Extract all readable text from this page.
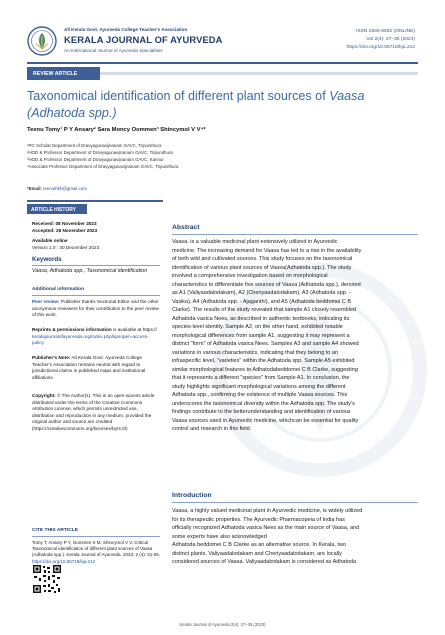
All Kerala Govt. Ayurveda College Teacher's Association
KERALA JOURNAL OF AYURVEDA
An International Journal of Ayurveda Specialities
ISSN 2583-6552 (ONLINE)
Vol 2(4): 27–35 (2023)
https://doi.org/10.55718/kja.212
REVIEW ARTICLE
Taxonomical identification of different plant sources of Vaasa
(Adhatoda spp.)
Teenu Tomy¹ P Y Ansary² Sara Moncy Oommen³ Shincymol V V⁴*
¹PG Scholar Department of Dravyagunavijnanam GAVC, Tripunithura
²HOD & Professor Department of Dravyagunavijnanam GAVC, Tripunithura
³HOD & Professor Department of Dravyagunavijnanam GAVC, Kannur
⁴Associate Professor Department of Dravyagunavijnanam GAVC, Tripunithura
*Email: teenuthkh@gmail.com
ARTICLE HISTORY
Received: 08 November 2023
Accepted: 26 November 2023
Available online
Version 1.0 : 30 December 2023
Keywords
Vaasa, Adhatoda spp., Taxonomical identification
Additional information
Peer review: Publisher thanks Sectional Editor and the other anonymous reviewers for their contribution to the peer review of this work.
Reprints & permissions information is available at https:// keralajournalofayurveda.org/index.php/kja/open-access-policy
Publisher's Note: All Kerala Govt. Ayurveda College Teacher's Association remains neutral with regard to jurisdictional claims in published maps and institutional affiliations.
Copyright: © The Author(s). This is an open-access article distributed under the terms of the Creative Commons Attribution License, which permits unrestricted use, distribution and reproduction in any medium, provided the original author and source are credited (https://creativecommons.org/licenses/by/4.0/)
CITE THIS ARTICLE
Tomy T, Ansary P Y, Oommen S M, Shincymol V V. Critical Taxonomical identification of different plant sources of Vaasa (Adhatoda spp.). Kerala Journal of Ayurveda. 2023; 2 (4): 01-05. https://doi.org/10.55718/kja.212
Abstract
Vaasa, is a valuable medicinal plant extensively utilized in Ayurvedic
medicine. The increasing demand for Vaasa has led to a rise in the availability
of both wild and cultivated sources. This study focuses on the taxonomical
identification of various plant sources of Vaasa(Adhatoda spp.). The study
involved a comprehensive investigation based on morphological
characteristics to differentiate five sources of Vaasa (Adhatoda spp.), denoted
as A1 (Valiyaadalodakam), A2 (Cheriyaadalodakam), A3 (Adhatoda spp. -
Vasika), A4 (Adhatoda spp. - Ajaganthi), and A5 (Adhatoda beddomei C B
Clarke). The results of the study revealed that sample A1 closely resembled
Adhatoda vasica Nees, as described in authentic textbooks, indicating its
species-level identity. Sample A2, on the other hand, exhibited notable
morphological differences from sample A1, suggesting it may represent a
distinct "form" of Adhatoda vasica Nees. Samples A3 and sample A4 showed
variations in various characteristics, indicating that they belong to an
infraspecific level, "varieties" within the Adhatoda spp. Sample A5 exhibited
similar morphological features to Adhatodabeddomei C B Clarke, suggesting
that it represents a different "species" from Sample A1. In conclusion, the
study highlights significant morphological variations among the different
Adhatoda spp., confirming the existence of multiple Vaasa sources. This
underscores the taxonomical diversity within the Adhatoda spp. The study's
findings contribute to the betterunderstanding and identification of various
Vaasa sources used in Ayurvedic medicine, whichcan be essential for quality
control and research in this field.
Introduction
Vaasa, a highly valued medicinal plant in Ayurvedic medicine, is widely utilized
for its therapeutic properties. The Ayurvedic Pharmacopeia of India has
officially recognized Adhatoda vasica Nees as the main source of Vaasa, and
some experts have also acknowledged
Adhatoda beddomei C B Clarke as an alternative source. In Kerala, two
distinct plants, Valiyaadalodakam and Cheriyaadalodakam, are locally
considered sources of Vaasa. Valiyaadalodakam is considered as Adhatoda
Kerala Journal of Ayurveda 2(4): 27–35 (2023)
